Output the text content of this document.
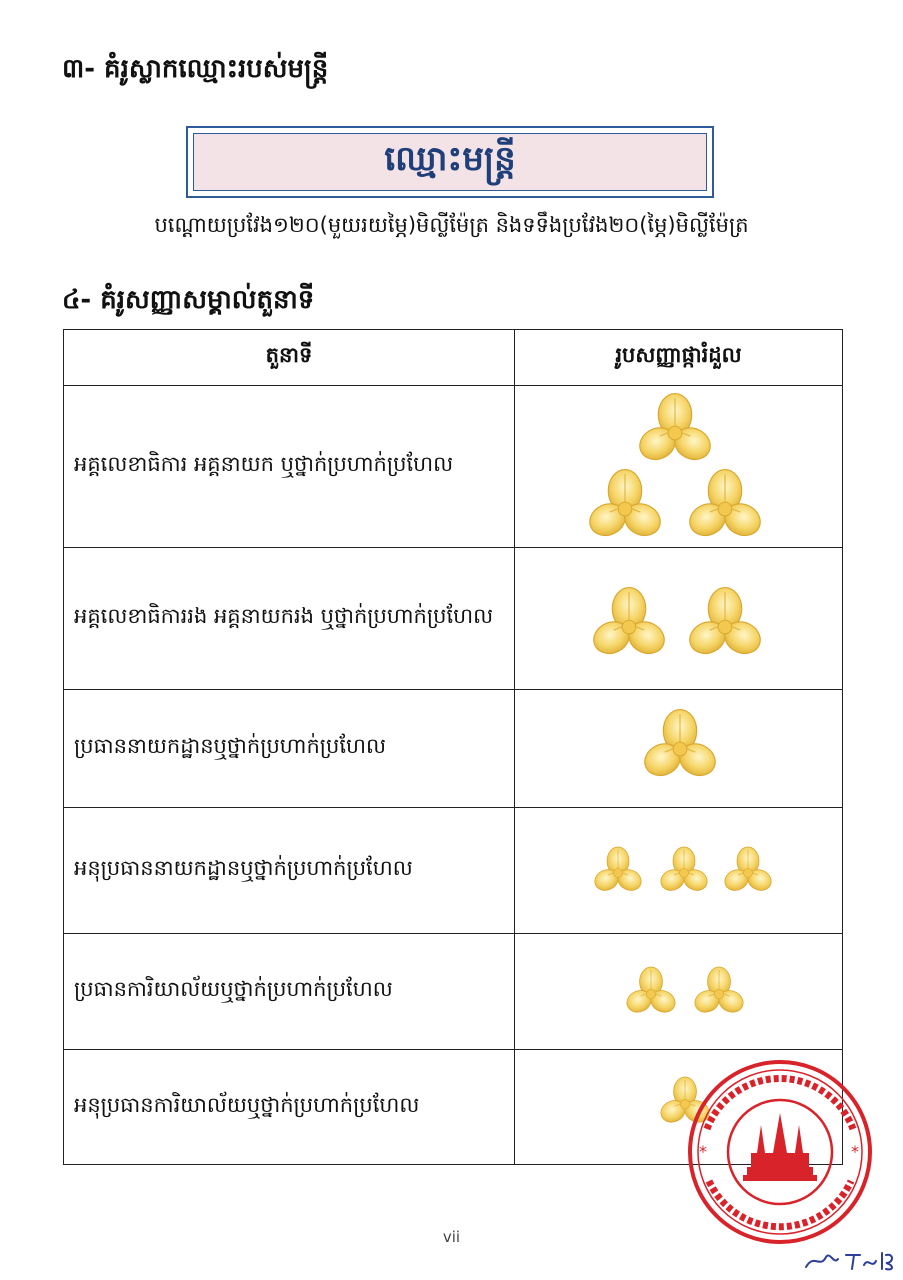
៣- គំរូស្លាកឈ្មោះរបស់មន្ត្រី
ឈ្មោះមន្ត្រី
បណ្ដោយប្រវែង១២០(មួយរយម្ភៃ)មិល្លីម៉ែត្រ និងទទឹងប្រវែង២០(ម្ភៃ)មិល្លីម៉ែត្រ
៤- គំរូសញ្ញាសម្គាល់តួនាទី
តួនាទី	រូបសញ្ញាផ្ការំដួល
អគ្គលេខាធិការ អគ្គនាយក ឬថ្នាក់ប្រហាក់ប្រហែល	

អគ្គលេខាធិការរង អគ្គនាយករង ឬថ្នាក់ប្រហាក់ប្រហែល	

ប្រធាននាយកដ្ឋានឬថ្នាក់ប្រហាក់ប្រហែល	

អនុប្រធាននាយកដ្ឋានឬថ្នាក់ប្រហាក់ប្រហែល	

ប្រធានការិយាល័យឬថ្នាក់ប្រហាក់ប្រហែល	

អនុប្រធានការិយាល័យឬថ្នាក់ប្រហាក់ប្រហែល	
*	*
vii
